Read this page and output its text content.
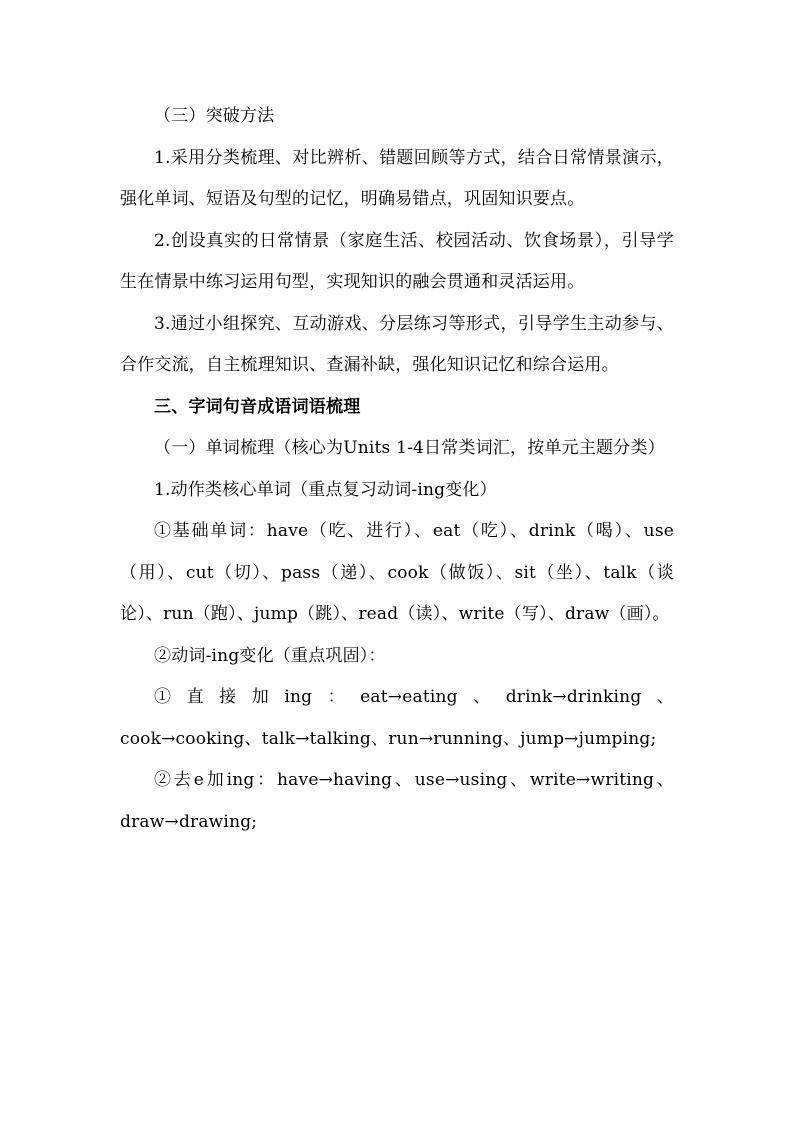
（三）突破方法

1.采用分类梳理、对比辨析、错题回顾等方式，结合日常情景演示，强化单词、短语及句型的记忆，明确易错点，巩固知识要点。

2.创设真实的日常情景（家庭生活、校园活动、饮食场景），引导学生在情景中练习运用句型，实现知识的融会贯通和灵活运用。

3.通过小组探究、互动游戏、分层练习等形式，引导学生主动参与、合作交流，自主梳理知识、查漏补缺，强化知识记忆和综合运用。

三、字词句音成语词语梳理

（一）单词梳理（核心为Units 1-4日常类词汇，按单元主题分类）

1.动作类核心单词（重点复习动词-ing变化）

①基础单词：have（吃、进行）、eat（吃）、drink（喝）、use（用）、cut（切）、pass（递）、cook（做饭）、sit（坐）、talk（谈论）、run（跑）、jump（跳）、read（读）、write（写）、draw（画）。

②动词-ing变化（重点巩固）：

①直接加ing：eat→eating、drink→drinking、cook→cooking、talk→talking、run→running、jump→jumping;

②去e加ing：have→having、use→using、write→writing、draw→drawing;
